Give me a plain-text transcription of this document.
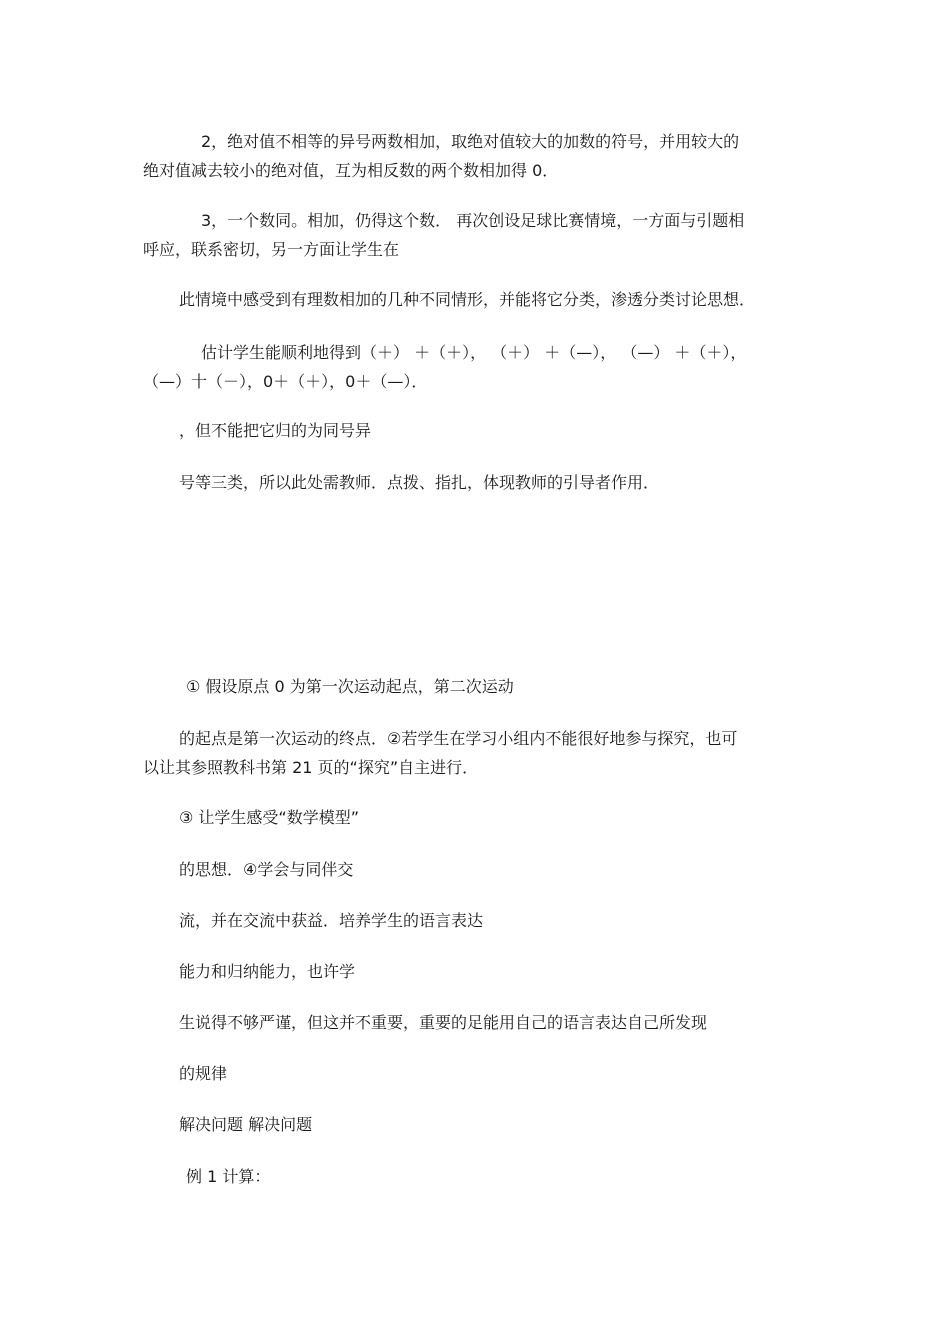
2，绝对值不相等的异号两数相加，取绝对值较大的加数的符号，并用较大的
绝对值减去较小的绝对值，互为相反数的两个数相加得 0．
3，一个数同。相加，仍得这个数． 再次创设足球比赛情境，一方面与引题相
呼应，联系密切，另一方面让学生在

此情境中感受到有理数相加的几种不同情形，并能将它分类，渗透分类讨论思想．

估计学生能顺利地得到（＋） ＋（＋）， （＋） ＋（—）， （—） ＋（＋），
（—）十（－），0＋（＋），0＋（—）．

，但不能把它归的为同号异

号等三类，所以此处需教师．点拨、指扎，体现教师的引导者作用．

① 假设原点 0 为第一次运动起点，第二次运动

的起点是第一次运动的终点．②若学生在学习小组内不能很好地参与探究，也可
以让其参照教科书第 21 页的“探究”自主进行．

③ 让学生感受“数学模型”

的思想．④学会与同伴交

流，并在交流中获益．培养学生的语言表达

能力和归纳能力，也许学

生说得不够严谨，但这并不重要，重要的足能用自己的语言表达自己所发现

的规律

解决问题 解决问题

例 1 计算：
